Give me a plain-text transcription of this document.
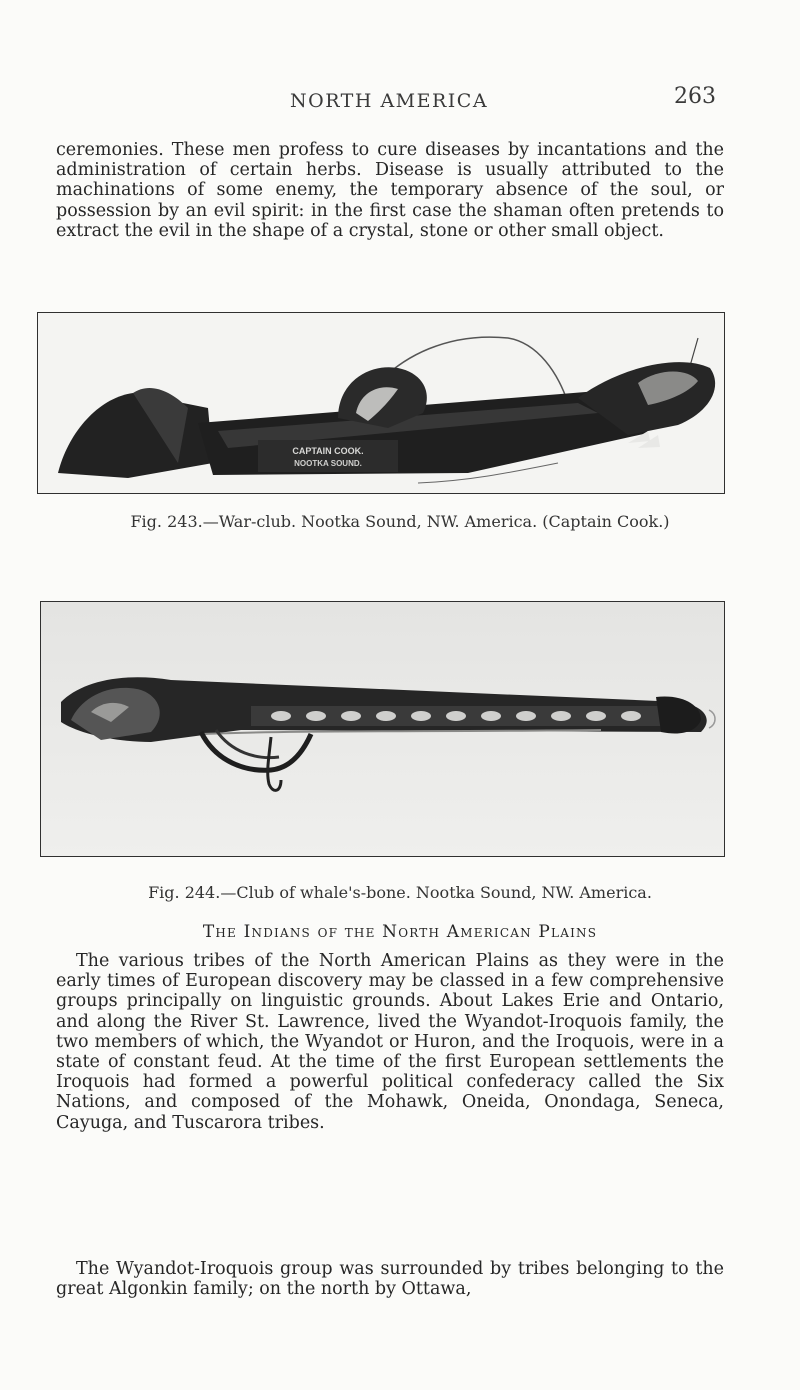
NORTH AMERICA	263

ceremonies. These men profess to cure diseases by incantations and the administration of certain herbs. Disease is usually attributed to the machinations of some enemy, the temporary absence of the soul, or possession by an evil spirit: in the first case the shaman often pretends to extract the evil in the shape of a crystal, stone or other small object.

CAPTAIN COOK.
NOOTKA SOUND.
Fig. 243.—War-club. Nootka Sound, NW. America. (Captain Cook.)
Fig. 244.—Club of whale's-bone. Nootka Sound, NW. America.
The Indians of the North American Plains

The various tribes of the North American Plains as they were in the early times of European discovery may be classed in a few comprehensive groups principally on linguistic grounds. About Lakes Erie and Ontario, and along the River St. Lawrence, lived the Wyandot-Iroquois family, the two members of which, the Wyandot or Huron, and the Iroquois, were in a state of constant feud. At the time of the first European settlements the Iroquois had formed a powerful political confederacy called the Six Nations, and composed of the Mohawk, Oneida, Onondaga, Seneca, Cayuga, and Tuscarora tribes.

The Wyandot-Iroquois group was surrounded by tribes belonging to the great Algonkin family; on the north by Ottawa,
